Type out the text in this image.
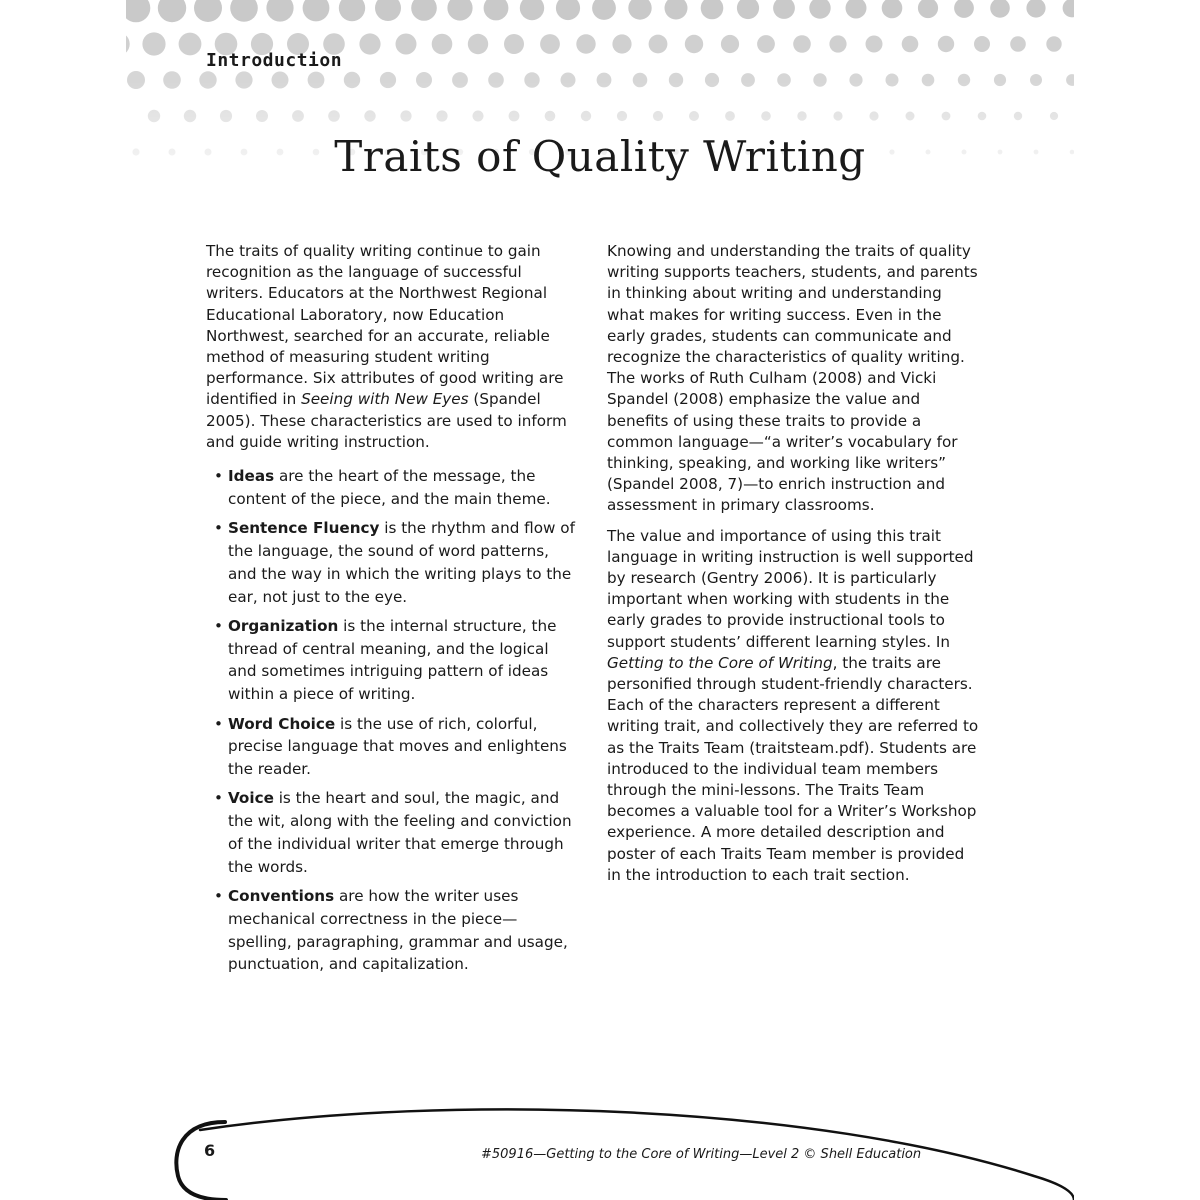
Introduction
Traits of Quality Writing

The traits of quality writing continue to gain recognition as the language of successful writers. Educators at the Northwest Regional Educational Laboratory, now Education Northwest, searched for an accurate, reliable method of measuring student writing performance. Six attributes of good writing are identified in Seeing with New Eyes (Spandel 2005). These characteristics are used to inform and guide writing instruction.

• Ideas are the heart of the message, the content of the piece, and the main theme.
• Sentence Fluency is the rhythm and flow of the language, the sound of word patterns, and the way in which the writing plays to the ear, not just to the eye.
• Organization is the internal structure, the thread of central meaning, and the logical and sometimes intriguing pattern of ideas within a piece of writing.
• Word Choice is the use of rich, colorful, precise language that moves and enlightens the reader.
• Voice is the heart and soul, the magic, and the wit, along with the feeling and conviction of the individual writer that emerge through the words.
• Conventions are how the writer uses mechanical correctness in the piece—spelling, paragraphing, grammar and usage, punctuation, and capitalization.

Knowing and understanding the traits of quality writing supports teachers, students, and parents in thinking about writing and understanding what makes for writing success. Even in the early grades, students can communicate and recognize the characteristics of quality writing. The works of Ruth Culham (2008) and Vicki Spandel (2008) emphasize the value and benefits of using these traits to provide a common language—“a writer’s vocabulary for thinking, speaking, and working like writers” (Spandel 2008, 7)—to enrich instruction and assessment in primary classrooms.

The value and importance of using this trait language in writing instruction is well supported by research (Gentry 2006). It is particularly important when working with students in the early grades to provide instructional tools to support students’ different learning styles. In Getting to the Core of Writing, the traits are personified through student-friendly characters. Each of the characters represent a different writing trait, and collectively they are referred to as the Traits Team (traitsteam.pdf). Students are introduced to the individual team members through the mini-lessons. The Traits Team becomes a valuable tool for a Writer’s Workshop experience. A more detailed description and poster of each Traits Team member is provided in the introduction to each trait section.

6	#50916—Getting to the Core of Writing—Level 2 © Shell Education
